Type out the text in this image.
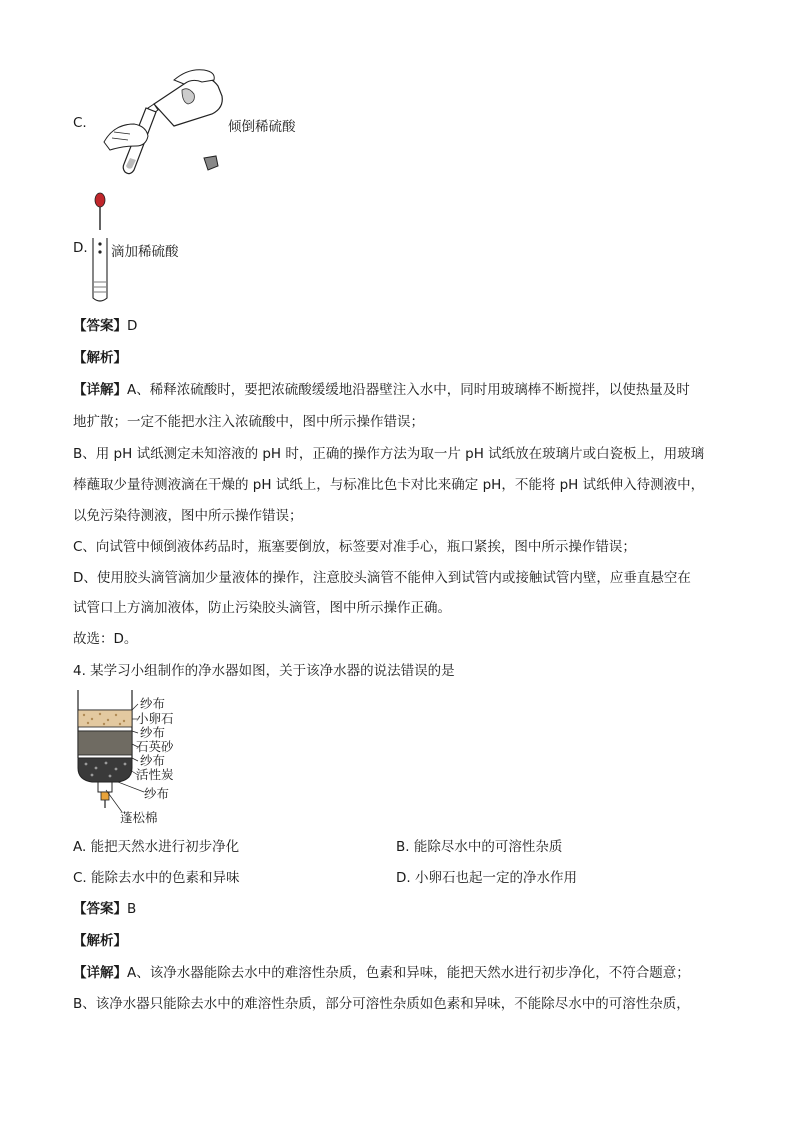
C.	倾倒稀硫酸
D. 滴加稀硫酸
【答案】D
【解析】
【详解】A、稀释浓硫酸时，要把浓硫酸缓缓地沿器壁注入水中，同时用玻璃棒不断搅拌，以使热量及时
地扩散；一定不能把水注入浓硫酸中，图中所示操作错误；
B、用 pH 试纸测定未知溶液的 pH 时，正确的操作方法为取一片 pH 试纸放在玻璃片或白瓷板上，用玻璃
棒蘸取少量待测液滴在干燥的 pH 试纸上，与标准比色卡对比来确定 pH，不能将 pH 试纸伸入待测液中，
以免污染待测液，图中所示操作错误；
C、向试管中倾倒液体药品时，瓶塞要倒放，标签要对准手心，瓶口紧挨，图中所示操作错误；
D、使用胶头滴管滴加少量液体的操作，注意胶头滴管不能伸入到试管内或接触试管内壁，应垂直悬空在
试管口上方滴加液体，防止污染胶头滴管，图中所示操作正确。
故选：D。
4. 某学习小组制作的净水器如图，关于该净水器的说法错误的是
纱布
小卵石
纱布
石英砂
纱布
活性炭
纱布
蓬松棉
A. 能把天然水进行初步净化	B. 能除尽水中的可溶性杂质
C. 能除去水中的色素和异味	D. 小卵石也起一定的净水作用
【答案】B
【解析】
【详解】A、该净水器能除去水中的难溶性杂质，色素和异味，能把天然水进行初步净化，不符合题意；
B、该净水器只能除去水中的难溶性杂质，部分可溶性杂质如色素和异味，不能除尽水中的可溶性杂质，
